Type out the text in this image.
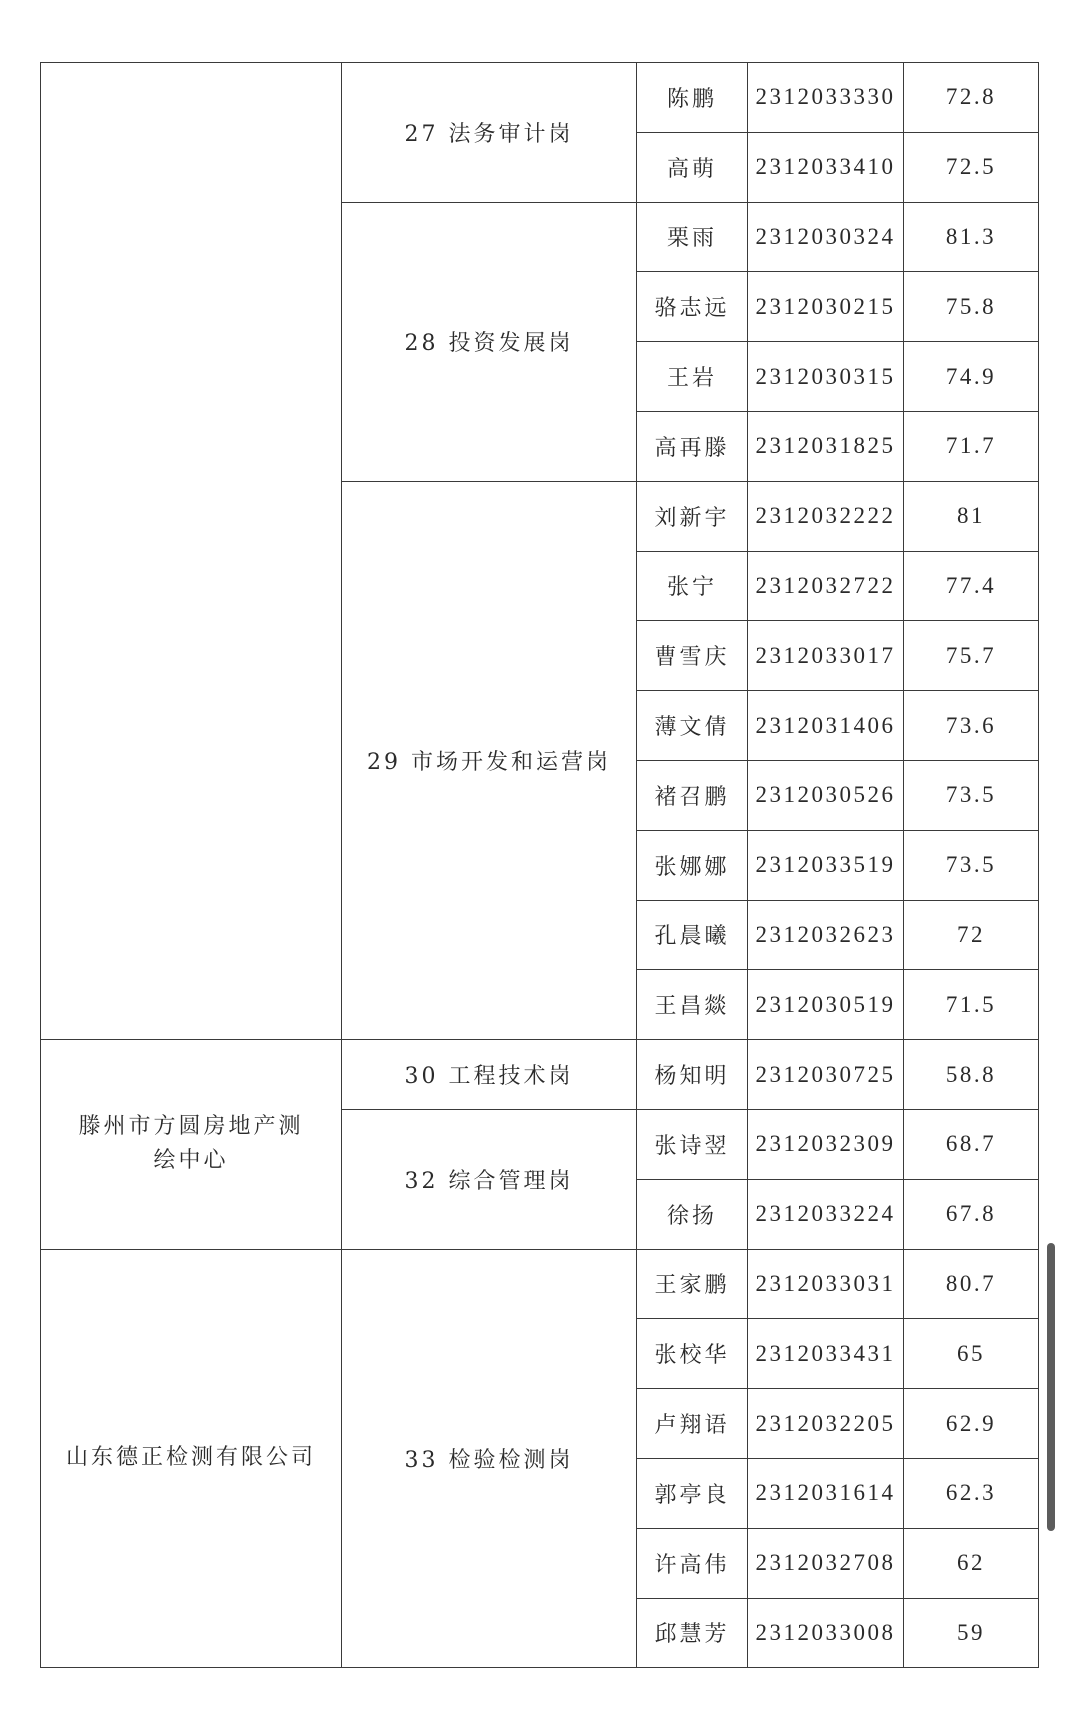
	27 法务审计岗	陈鹏	2312033330	72.8
		高萌	2312033410	72.5
	28 投资发展岗	栗雨	2312030324	81.3
		骆志远	2312030215	75.8
		王岩	2312030315	74.9
		高再滕	2312031825	71.7
	29 市场开发和运营岗	刘新宇	2312032222	81
		张宁	2312032722	77.4
		曹雪庆	2312033017	75.7
		薄文倩	2312031406	73.6
		褚召鹏	2312030526	73.5
		张娜娜	2312033519	73.5
		孔晨曦	2312032623	72
		王昌燚	2312030519	71.5
滕州市方圆房地产测绘中心	30 工程技术岗	杨知明	2312030725	58.8
	32 综合管理岗	张诗翌	2312032309	68.7
		徐扬	2312033224	67.8
山东德正检测有限公司	33 检验检测岗	王家鹏	2312033031	80.7
		张校华	2312033431	65
		卢翔语	2312032205	62.9
		郭亭良	2312031614	62.3
		许高伟	2312032708	62
		邱慧芳	2312033008	59
